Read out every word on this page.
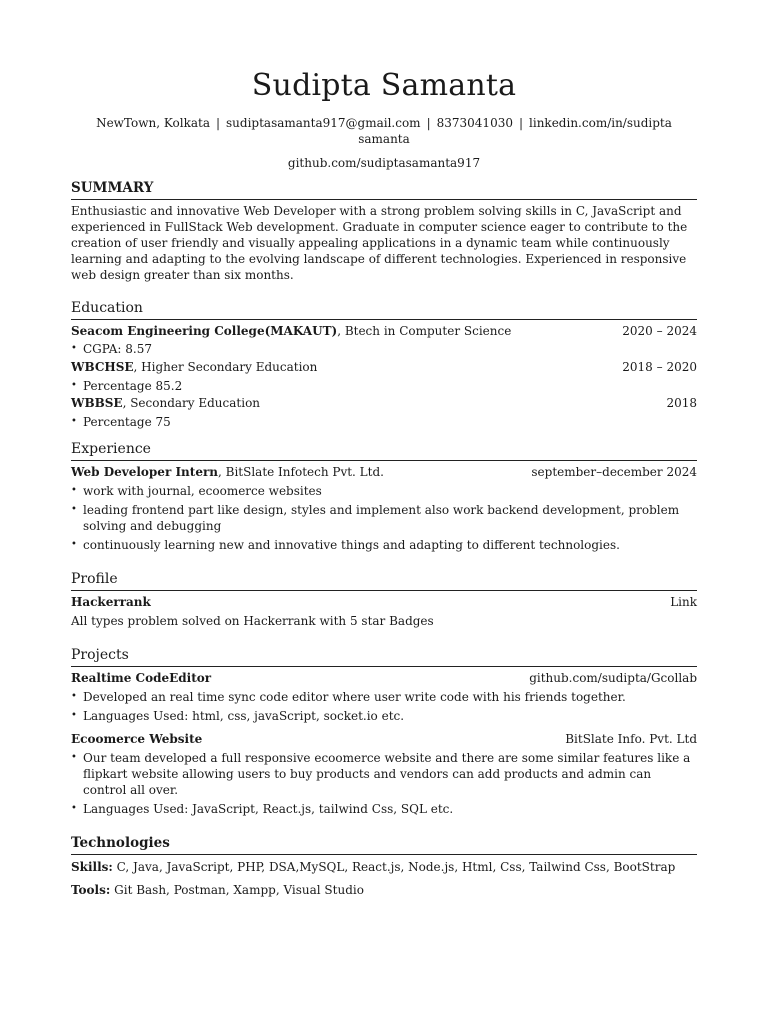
Sudipta Samanta
NewTown, Kolkata | sudiptasamanta917@gmail.com | 8373041030 | linkedin.com/in/sudipta samanta
github.com/sudiptasamanta917
SUMMARY

Enthusiastic and innovative Web Developer with a strong problem solving skills in C, JavaScript and experienced in FullStack Web development. Graduate in computer science eager to contribute to the creation of user friendly and visually appealing applications in a dynamic team while continuously learning and adapting to the evolving landscape of different technologies. Experienced in responsive web design greater than six months.

Education
Seacom Engineering College(MAKAUT), Btech in Computer Science	2020 – 2024
• CGPA: 8.57
WBCHSE, Higher Secondary Education	2018 – 2020
• Percentage 85.2
WBBSE, Secondary Education	2018
• Percentage 75
Experience
Web Developer Intern, BitSlate Infotech Pvt. Ltd.	september–december 2024
• work with journal, ecoomerce websites
• leading frontend part like design, styles and implement also work backend development, problem solving and debugging
• continuously learning new and innovative things and adapting to different technologies.
Profile
Hackerrank	Link
All types problem solved on Hackerrank with 5 star Badges
Projects
Realtime CodeEditor	github.com/sudipta/Gcollab
• Developed an real time sync code editor where user write code with his friends together.
• Languages Used: html, css, javaScript, socket.io etc.
Ecoomerce Website	BitSlate Info. Pvt. Ltd
• Our team developed a full responsive ecoomerce website and there are some similar features like a flipkart website allowing users to buy products and vendors can add products and admin can control all over.
• Languages Used: JavaScript, React.js, tailwind Css, SQL etc.
Technologies
Skills: C, Java, JavaScript, PHP, DSA,MySQL, React.js, Node.js, Html, Css, Tailwind Css, BootStrap
Tools: Git Bash, Postman, Xampp, Visual Studio
